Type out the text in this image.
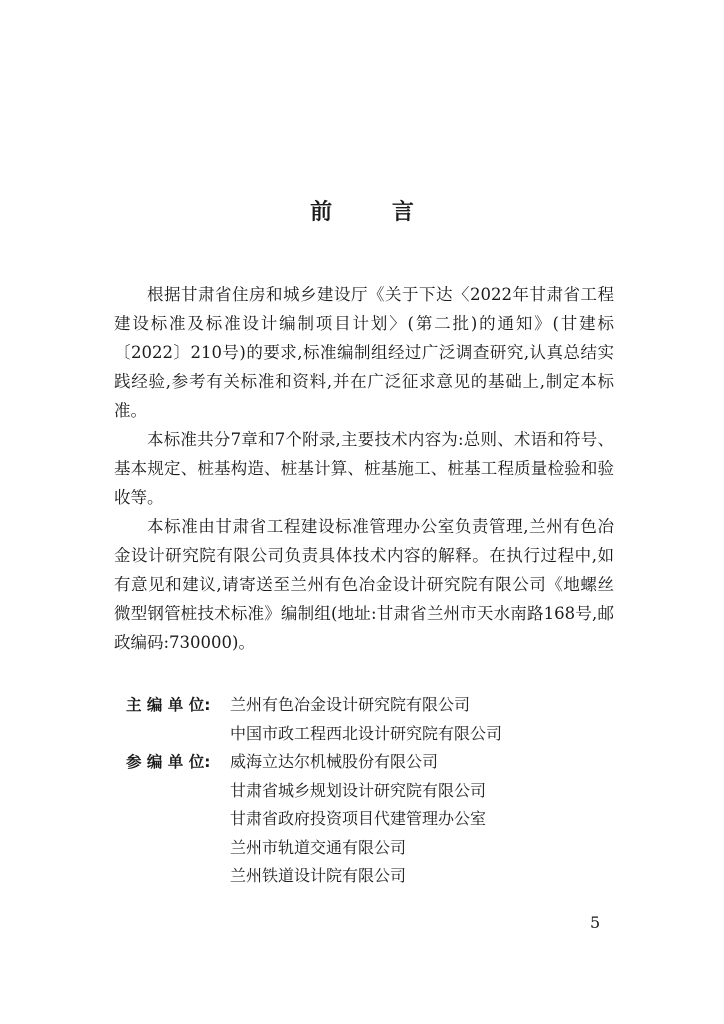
前 言

根据甘肃省住房和城乡建设厅《关于下达〈2022年甘肃省工程建设标准及标准设计编制项目计划〉(第二批)的通知》(甘建标〔2022〕210号)的要求,标准编制组经过广泛调查研究,认真总结实践经验,参考有关标准和资料,并在广泛征求意见的基础上,制定本标准。

本标准共分7章和7个附录,主要技术内容为:总则、术语和符号、基本规定、桩基构造、桩基计算、桩基施工、桩基工程质量检验和验收等。

本标准由甘肃省工程建设标准管理办公室负责管理,兰州有色冶金设计研究院有限公司负责具体技术内容的解释。在执行过程中,如有意见和建议,请寄送至兰州有色冶金设计研究院有限公司《地螺丝微型钢管桩技术标准》编制组(地址:甘肃省兰州市天水南路168号,邮政编码:730000)。

主 编 单 位:	兰州有色冶金设计研究院有限公司
中国市政工程西北设计研究院有限公司
参 编 单 位:	威海立达尔机械股份有限公司
甘肃省城乡规划设计研究院有限公司
甘肃省政府投资项目代建管理办公室
兰州市轨道交通有限公司
兰州铁道设计院有限公司
5
